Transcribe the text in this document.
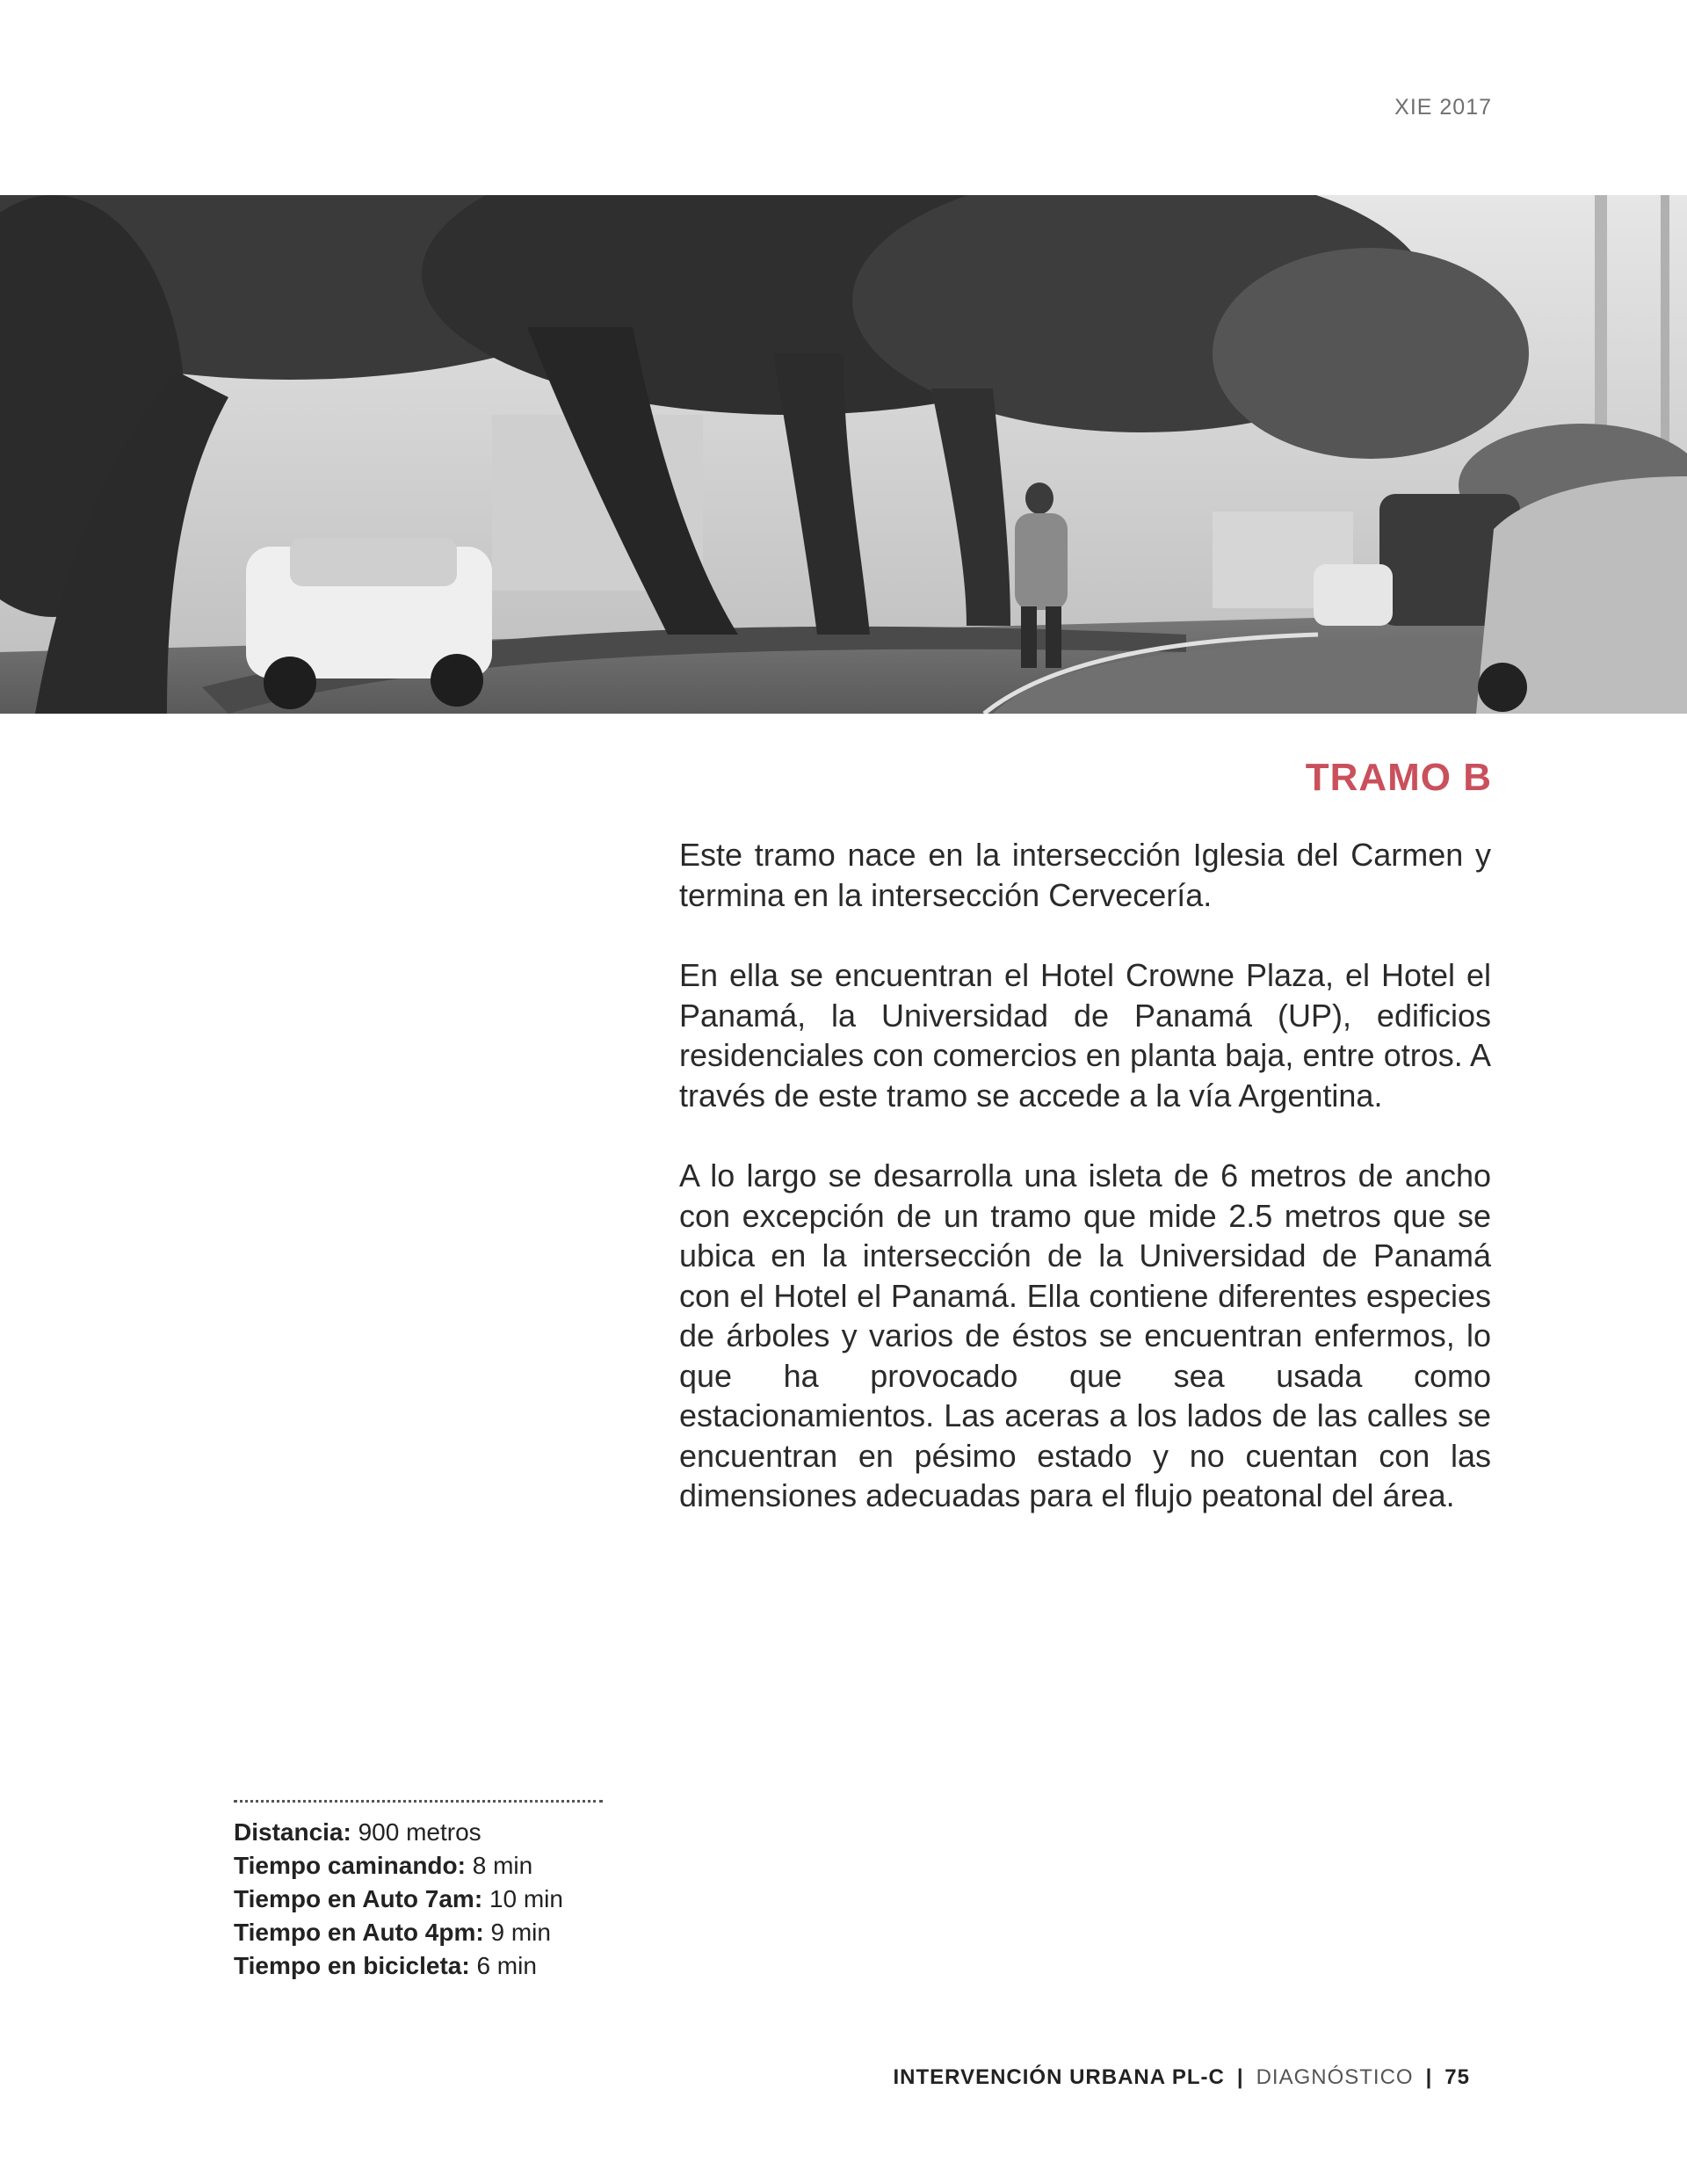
XIE 2017
TRAMO B

Este tramo nace en la intersección Iglesia del Carmen y termina en la intersección Cervecería.

En ella se encuentran el Hotel Crowne Plaza, el Hotel el Panamá, la Universidad de Panamá (UP), edificios residenciales con comercios en planta baja, entre otros. A través de este tramo se accede a la vía Argentina.

A lo largo se desarrolla una isleta de 6 metros de ancho con excepción de un tramo que mide 2.5 metros que se ubica en la intersección de la Universidad de Panamá con el Hotel el Panamá. Ella contiene diferentes especies de árboles y varios de éstos se encuentran enfermos, lo que ha provocado que sea usada como estacionamientos. Las aceras a los lados de las calles se encuentran en pésimo estado y no cuentan con las dimensiones adecuadas para el flujo peatonal del área.

Distancia: 900 metros
Tiempo caminando: 8 min
Tiempo en Auto 7am: 10 min
Tiempo en Auto 4pm: 9 min
Tiempo en bicicleta: 6 min
INTERVENCIÓN URBANA PL-C | DIAGNÓSTICO | 75
